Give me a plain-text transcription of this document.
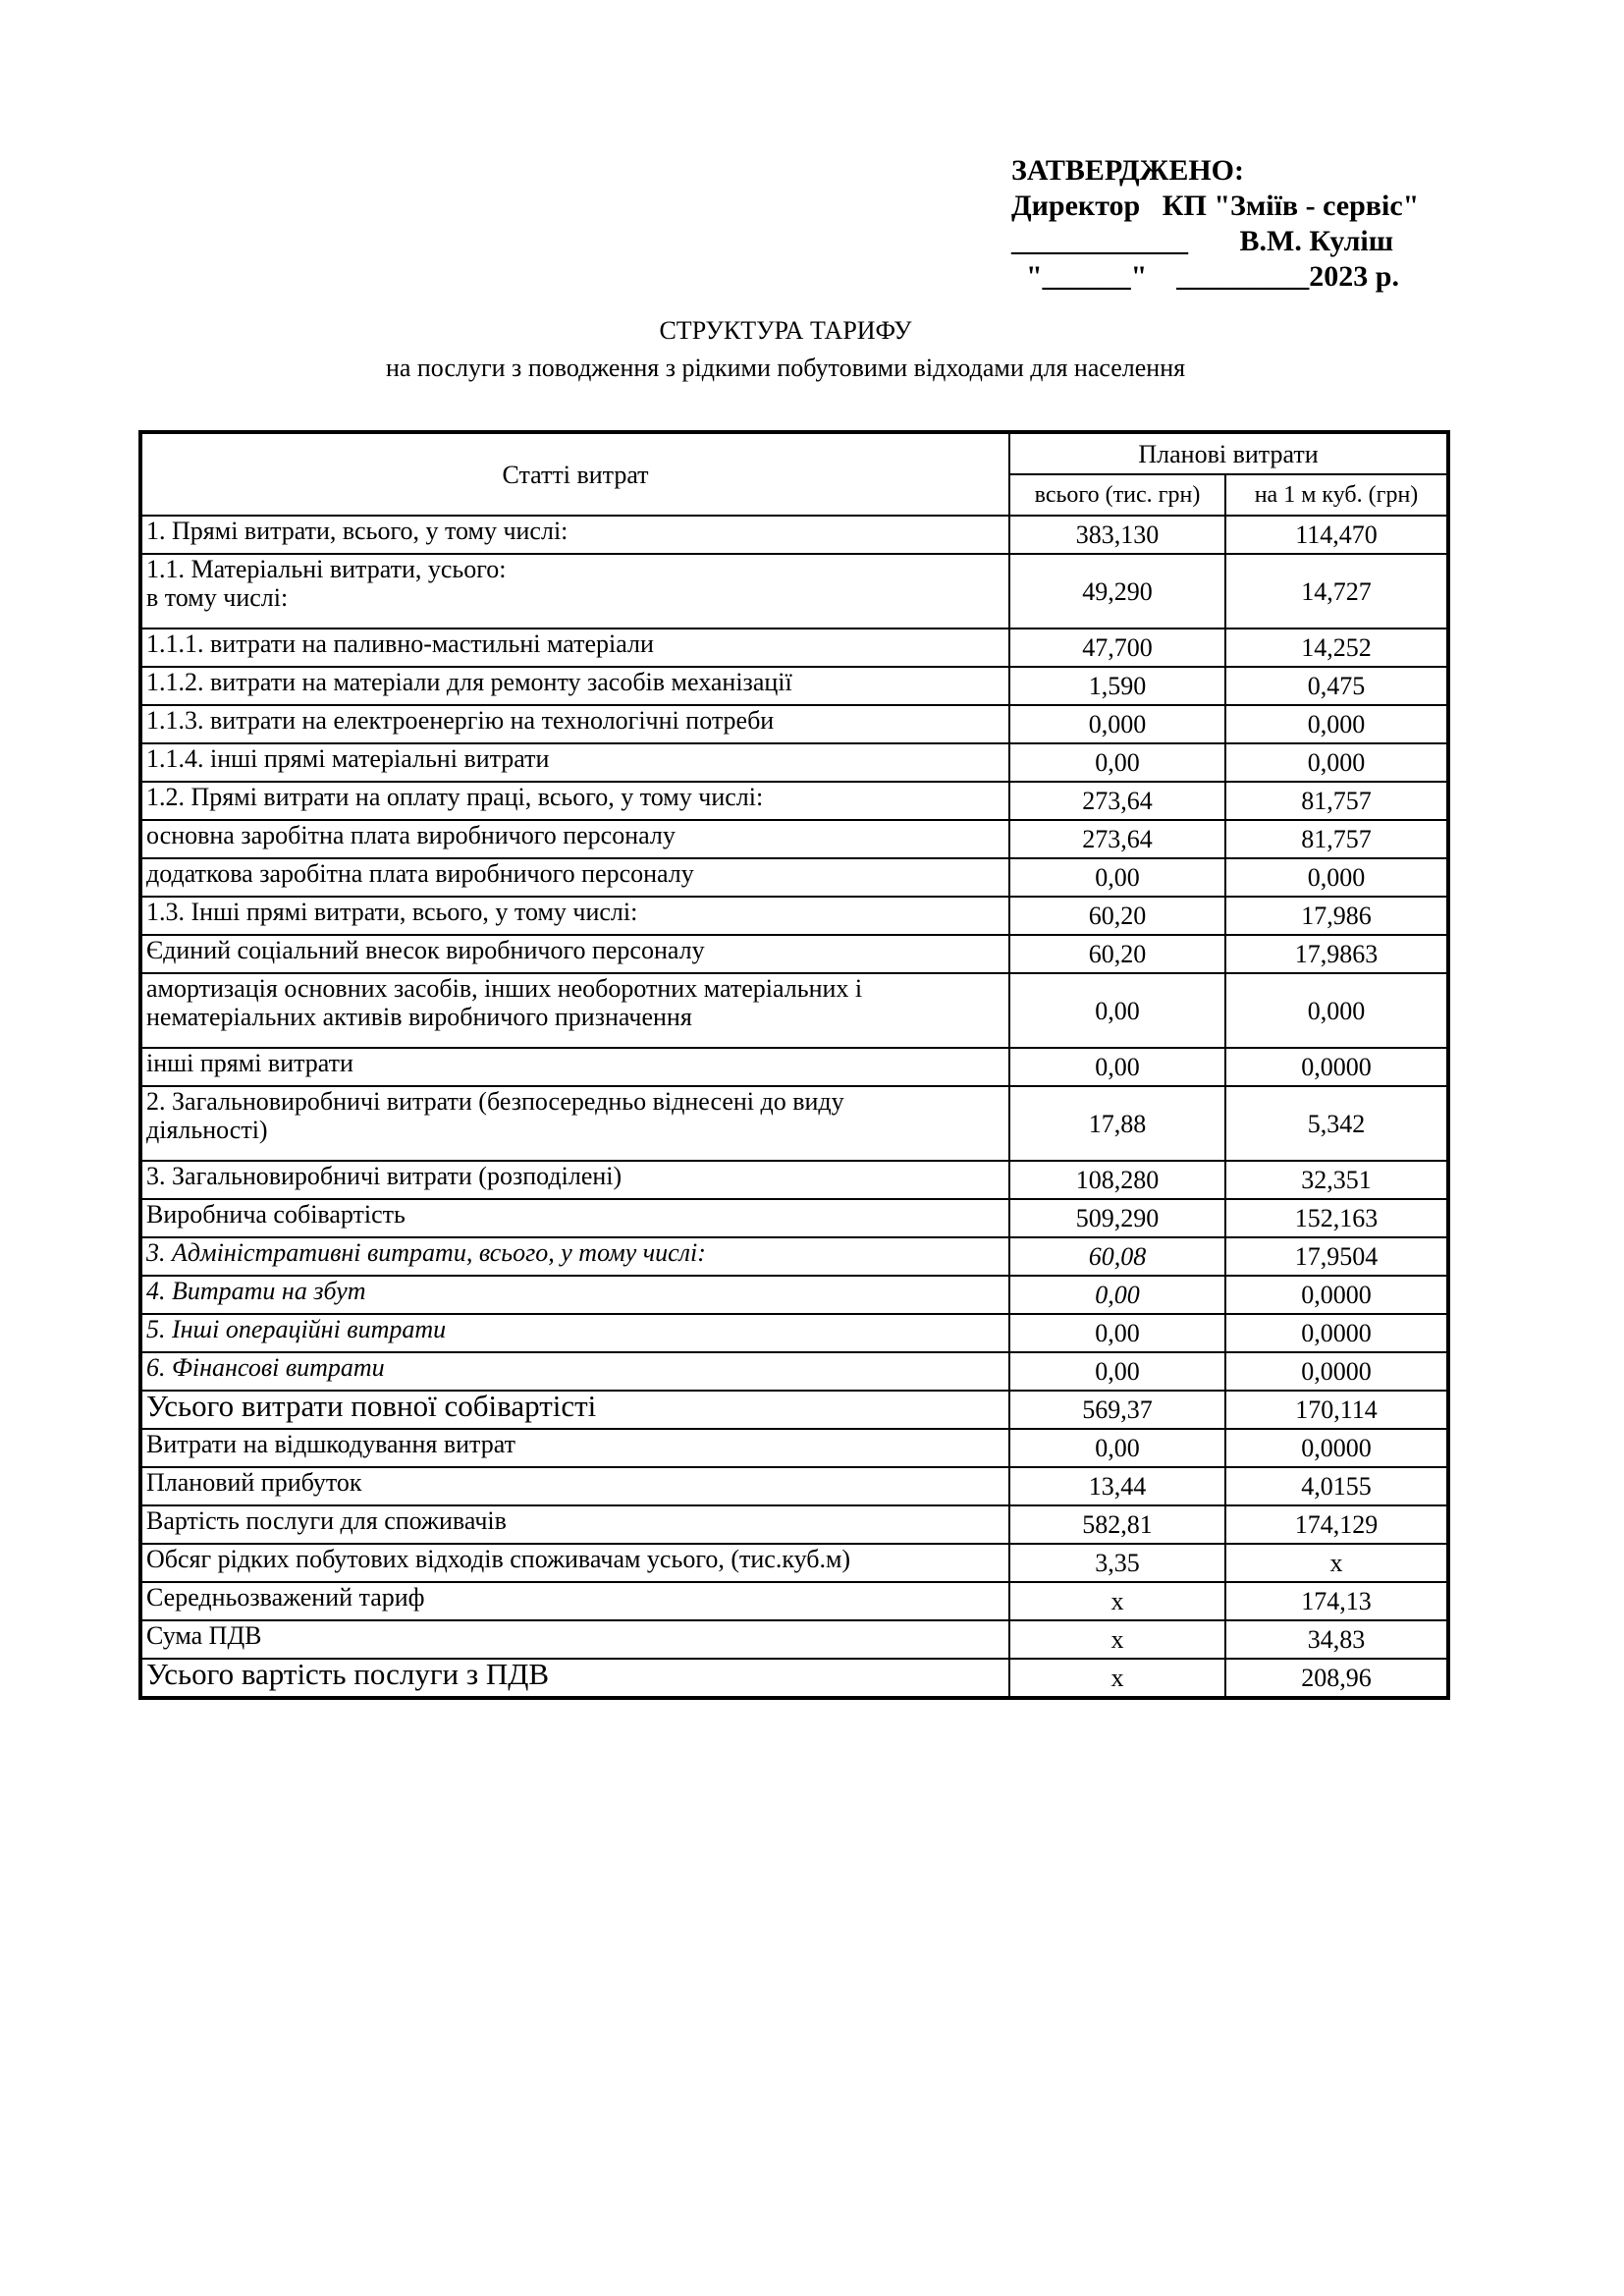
ЗАТВЕРДЖЕНО:
Директор   КП "Зміїв - сервіс"
____________       В.М. Куліш
"______"    _________2023 р.
СТРУКТУРА ТАРИФУ
на послуги з поводження з рідкими побутовими відходами для населення
Статті витрат	Планові витрати	
	всього (тис. грн)	на 1 м куб. (грн)
1. Прямі витрати, всього, у тому числі:	383,130	114,470

1.1. Матеріальні витрати, усього:
в тому числі:	49,290	14,727
1.1.1. витрати на паливно-мастильні матеріали	47,700	14,252
1.1.2. витрати на матеріали для ремонту засобів механізації	1,590	0,475
1.1.3. витрати на електроенергію на технологічні потреби	0,000	0,000
1.1.4. інші прямі матеріальні витрати	0,00	0,000
1.2. Прямі витрати на оплату праці, всього, у тому числі:	273,64	81,757
основна заробітна плата виробничого персоналу	273,64	81,757
додаткова заробітна плата виробничого персоналу	0,00	0,000
1.3. Інші прямі витрати, всього, у тому числі:	60,20	17,986
Єдиний соціальний внесок виробничого персоналу	60,20	17,9863

амортизація основних засобів, інших необоротних матеріальних і
нематеріальних активів виробничого призначення	0,00	0,000
інші прямі витрати	0,00	0,0000

2. Загальновиробничі витрати (безпосередньо віднесені до виду
діяльності)	17,88	5,342
3. Загальновиробничі витрати (розподілені)	108,280	32,351
Виробнича собівартість	509,290	152,163
3. Адміністративні витрати, всього, у тому числі:	60,08	17,9504
4. Витрати на збут	0,00	0,0000
5. Інші операційні витрати	0,00	0,0000
6. Фінансові витрати	0,00	0,0000
Усього витрати повної собівартісті	569,37	170,114
Витрати на відшкодування витрат	0,00	0,0000
Плановий прибуток	13,44	4,0155
Вартість послуги для споживачів	582,81	174,129
Обсяг рідких побутових відходів споживачам усього, (тис.куб.м)	3,35	х
Середньозважений тариф	х	174,13
Сума ПДВ	х	34,83
Усього вартість послуги з ПДВ	х	208,96
